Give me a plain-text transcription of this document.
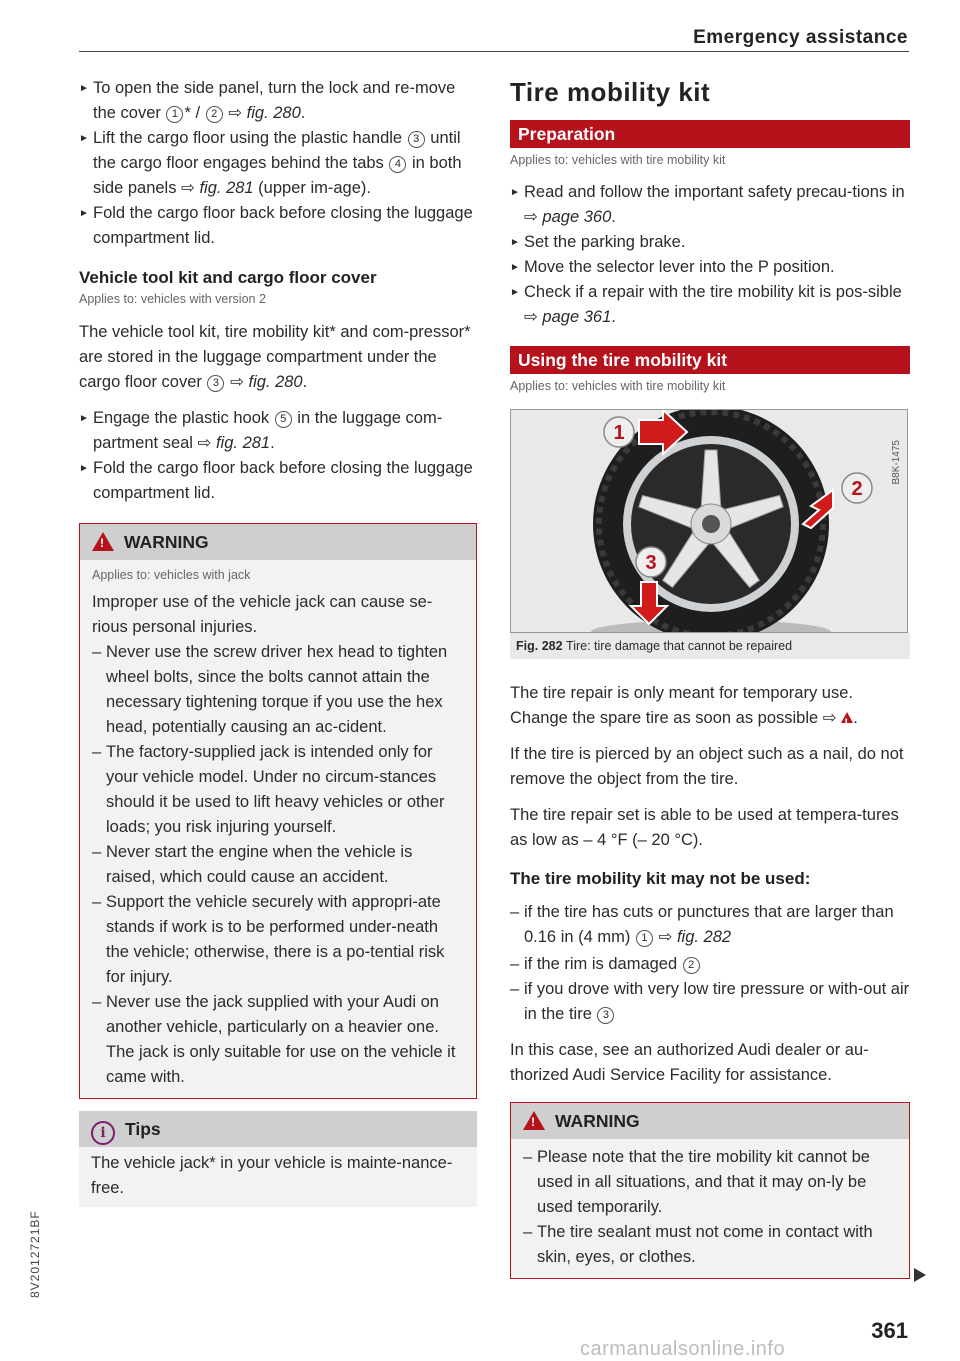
Emergency assistance

► To open the side panel, turn the lock and re-move the cover 1 * / 2 ⇨ fig. 280.

► Lift the cargo floor using the plastic handle 3 until the cargo floor engages behind the tabs 4 in both side panels ⇨ fig. 281 (upper im-age).

► Fold the cargo floor back before closing the luggage compartment lid.

Vehicle tool kit and cargo floor cover

Applies to: vehicles with version 2

The vehicle tool kit, tire mobility kit* and com-pressor* are stored in the luggage compartment under the cargo floor cover 3 ⇨ fig. 280.

► Engage the plastic hook 5 in the luggage com-partment seal ⇨ fig. 281.

► Fold the cargo floor back before closing the luggage compartment lid.

!WARNING

Applies to: vehicles with jack

Improper use of the vehicle jack can cause se-rious personal injuries.

– Never use the screw driver hex head to tighten wheel bolts, since the bolts cannot attain the necessary tightening torque if you use the hex head, potentially causing an ac-cident.

– The factory-supplied jack is intended only for your vehicle model. Under no circum-stances should it be used to lift heavy vehicles or other loads; you risk injuring yourself.

– Never start the engine when the vehicle is raised, which could cause an accident.

– Support the vehicle securely with appropri-ate stands if work is to be performed under-neath the vehicle; otherwise, there is a po-tential risk for injury.

– Never use the jack supplied with your Audi on another vehicle, particularly on a heavier one. The jack is only suitable for use on the vehicle it came with.

i Tips

The vehicle jack* in your vehicle is mainte-nance-free.

Tire mobility kit

Preparation

Applies to: vehicles with tire mobility kit

► Read and follow the important safety precau-tions in ⇨ page 360.

► Set the parking brake.

► Move the selector lever into the P position.

► Check if a repair with the tire mobility kit is pos-sible ⇨ page 361.

Using the tire mobility kit

Applies to: vehicles with tire mobility kit

1
2
3
B8K-1475
Fig. 282 Tire: tire damage that cannot be repaired

The tire repair is only meant for temporary use. Change the spare tire as soon as possible ⇨ !.

If the tire is pierced by an object such as a nail, do not remove the object from the tire.

The tire repair set is able to be used at tempera-tures as low as – 4 °F (– 20 °C).

The tire mobility kit may not be used:

– if the tire has cuts or punctures that are larger than 0.16 in (4 mm) 1 ⇨ fig. 282

– if the rim is damaged 2

– if you drove with very low tire pressure or with-out air in the tire 3

In this case, see an authorized Audi dealer or au-thorized Audi Service Facility for assistance.

!WARNING

– Please note that the tire mobility kit cannot be used in all situations, and that it may on-ly be used temporarily.

– The tire sealant must not come in contact with skin, eyes, or clothes.

8V2012721BF
361
carmanualsonline.info
